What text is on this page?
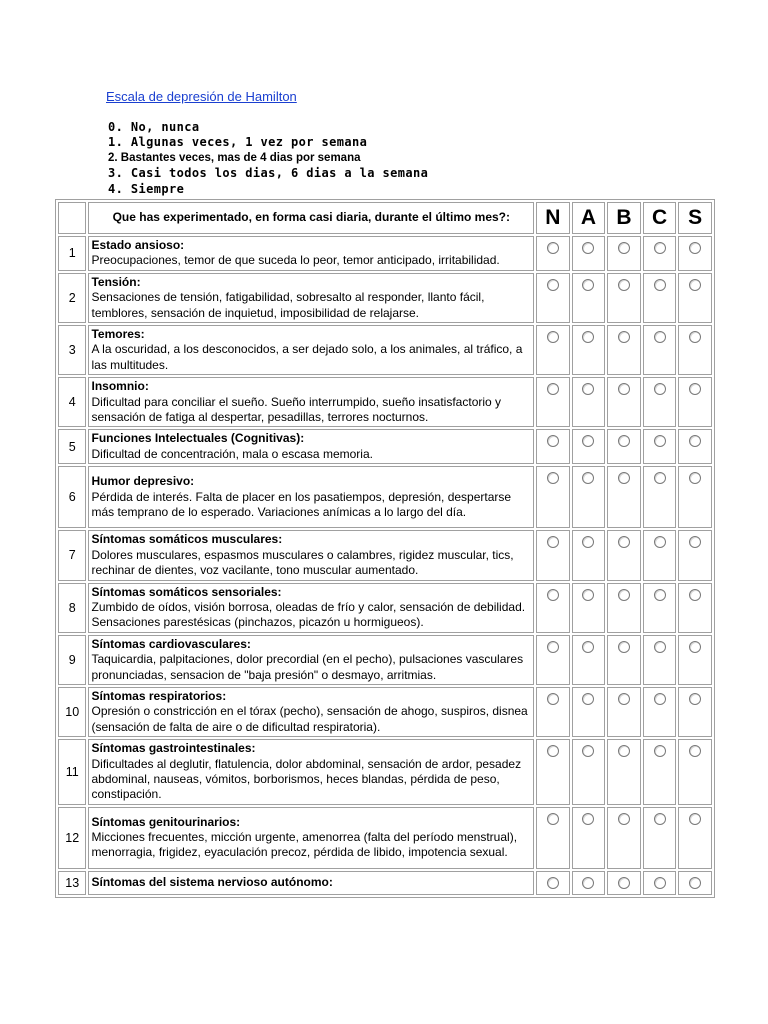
Escala de depresión de Hamilton
0. No, nunca
1. Algunas veces, 1 vez por semana
2. Bastantes veces, mas de 4 dias por semana
3. Casi todos los dias, 6 dias a la semana
4. Siempre
	Que has experimentado, en forma casi diaria, durante el último mes?:	N	A	B	C	S
1	Estado ansioso:
Preocupaciones, temor de que suceda lo peor, temor anticipado, irritabilidad.					

2	Tensión:
Sensaciones de tensión, fatigabilidad, sobresalto al responder, llanto fácil, temblores, sensación de inquietud, imposibilidad de relajarse.					

3	Temores:
A la oscuridad, a los desconocidos, a ser dejado solo, a los animales, al tráfico, a las multitudes.					

4	Insomnio:
Dificultad para conciliar el sueño. Sueño interrumpido, sueño insatisfactorio y sensación de fatiga al despertar, pesadillas, terrores nocturnos.					

5	Funciones Intelectuales (Cognitivas):
Dificultad de concentración, mala o escasa memoria.					

6	Humor depresivo:
Pérdida de interés. Falta de placer en los pasatiempos, depresión, despertarse más temprano de lo esperado. Variaciones anímicas a lo largo del día.					

7	Síntomas somáticos musculares:
Dolores musculares, espasmos musculares o calambres, rigidez muscular, tics, rechinar de dientes, voz vacilante, tono muscular aumentado.					

8	Síntomas somáticos sensoriales:
Zumbido de oídos, visión borrosa, oleadas de frío y calor, sensación de debilidad. Sensaciones parestésicas (pinchazos, picazón u hormigueos).					

9	Síntomas cardiovasculares:
Taquicardia, palpitaciones, dolor precordial (en el pecho), pulsaciones vasculares pronunciadas, sensacion de "baja presión" o desmayo, arritmias.					

10	Síntomas respiratorios:
Opresión o constricción en el tórax (pecho), sensación de ahogo, suspiros, disnea (sensación de falta de aire o de dificultad respiratoria).					

11	Síntomas gastrointestinales:
Dificultades al deglutir, flatulencia, dolor abdominal, sensación de ardor, pesadez abdominal, nauseas, vómitos, borborismos, heces blandas, pérdida de peso, constipación.					

12	Síntomas genitourinarios:
Micciones frecuentes, micción urgente, amenorrea (falta del período menstrual), menorragia, frigidez, eyaculación precoz, pérdida de libido, impotencia sexual.					

13	Síntomas del sistema nervioso autónomo:					
